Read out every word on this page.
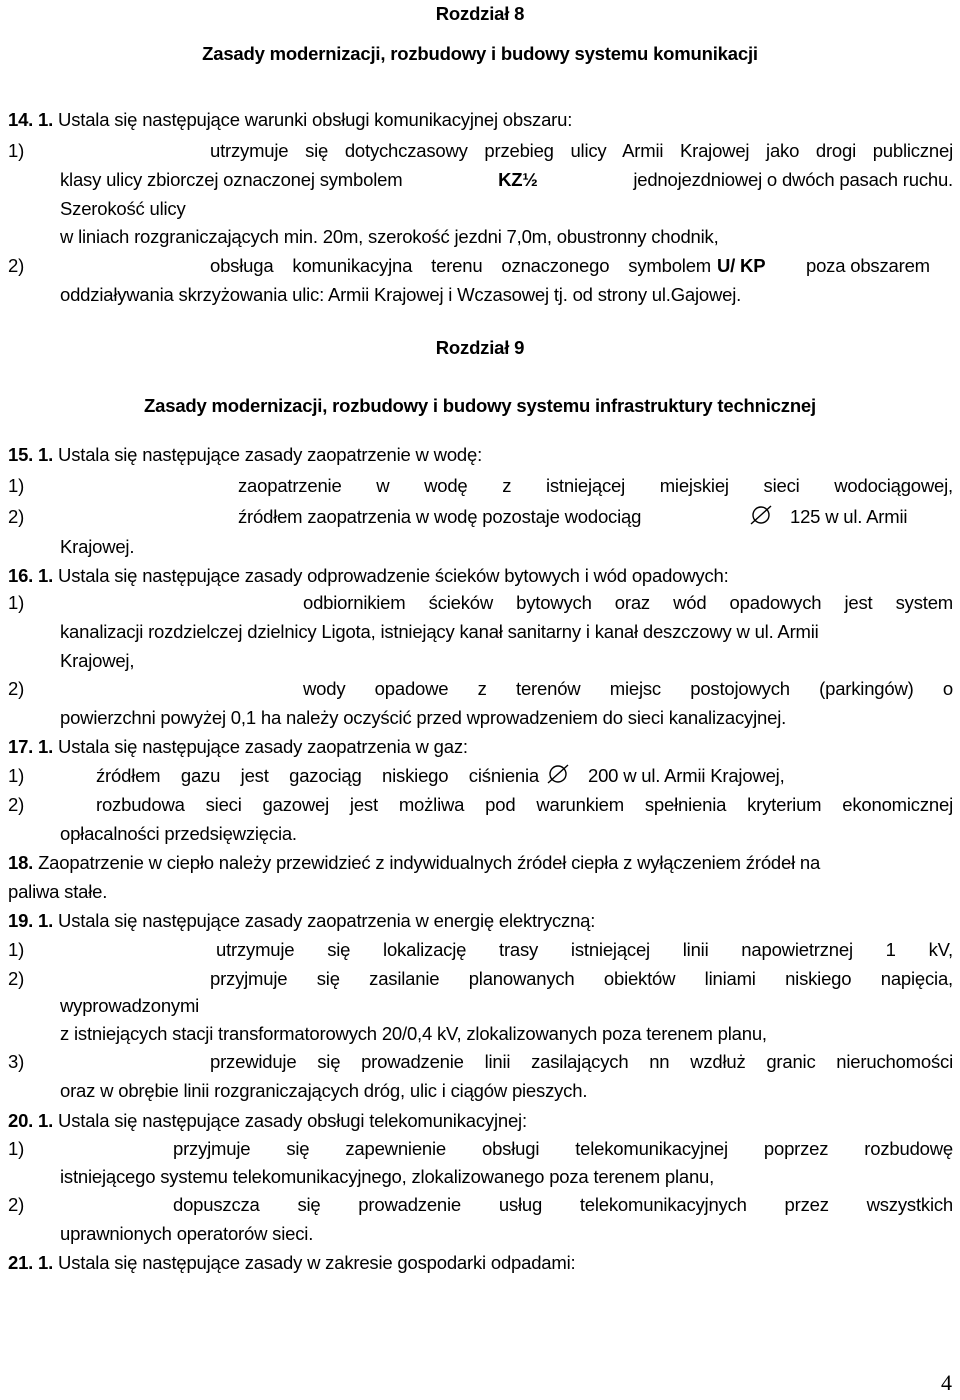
Rozdział 8
Zasady modernizacji, rozbudowy i budowy systemu komunikacji
14. 1. Ustala się następujące warunki obsługi komunikacyjnej obszaru:
1)	utrzymuje się dotychczasowy przebieg ulicy Armii Krajowej jako drogi publicznej
klasy ulicy zbiorczej oznaczonej symbolem	KZ½	jednojezdniowej o dwóch pasach ruchu.
Szerokość ulicy
w liniach rozgraniczających min. 20m, szerokość jezdni 7,0m, obustronny chodnik,
2)	obsługa komunikacyjna terenu oznaczonego symbolem U/ KP poza obszarem
oddziaływania skrzyżowania ulic: Armii Krajowej i Wczasowej tj. od strony ul.Gajowej.
Rozdział 9
Zasady modernizacji, rozbudowy i budowy systemu infrastruktury technicznej
15. 1. Ustala się następujące zasady zaopatrzenie w wodę:
1)	zaopatrzenie w wodę z istniejącej miejskiej sieci wodociągowej,
2)	źródłem zaopatrzenia w wodę pozostaje wodociąg	125 w ul. Armii
Krajowej.
16. 1. Ustala się następujące zasady odprowadzenie ścieków bytowych i wód opadowych:
1)	odbiornikiem ścieków bytowych oraz wód opadowych jest system
kanalizacji rozdzielczej dzielnicy Ligota, istniejący kanał sanitarny i kanał deszczowy w ul. Armii
Krajowej,
2)	wody opadowe z terenów miejsc postojowych (parkingów) o
powierzchni powyżej 0,1 ha należy oczyścić przed wprowadzeniem do sieci kanalizacyjnej.
17. 1. Ustala się następujące zasady zaopatrzenia w gaz:
1)	źródłem gazu jest gazociąg niskiego ciśnienia	200 w ul. Armii Krajowej,
2)	rozbudowa sieci gazowej jest możliwa pod warunkiem spełnienia kryterium ekonomicznej
opłacalności przedsięwzięcia.
18. Zaopatrzenie w ciepło należy przewidzieć z indywidualnych źródeł ciepła z wyłączeniem źródeł na
paliwa stałe.
19. 1. Ustala się następujące zasady zaopatrzenia w energię elektryczną:
1)	utrzymuje się lokalizację trasy istniejącej linii napowietrznej 1 kV,
2)	przyjmuje się zasilanie planowanych obiektów liniami niskiego napięcia,
wyprowadzonymi
z istniejących stacji transformatorowych 20/0,4 kV, zlokalizowanych poza terenem planu,
3)	przewiduje się prowadzenie linii zasilających nn wzdłuż granic nieruchomości
oraz w obrębie linii rozgraniczających dróg, ulic i ciągów pieszych.
20. 1. Ustala się następujące zasady obsługi telekomunikacyjnej:
1)	przyjmuje się zapewnienie obsługi telekomunikacyjnej poprzez rozbudowę
istniejącego systemu telekomunikacyjnego, zlokalizowanego poza terenem planu,
2)	dopuszcza się prowadzenie usług telekomunikacyjnych przez wszystkich
uprawnionych operatorów sieci.
21. 1. Ustala się następujące zasady w zakresie gospodarki odpadami:
4
